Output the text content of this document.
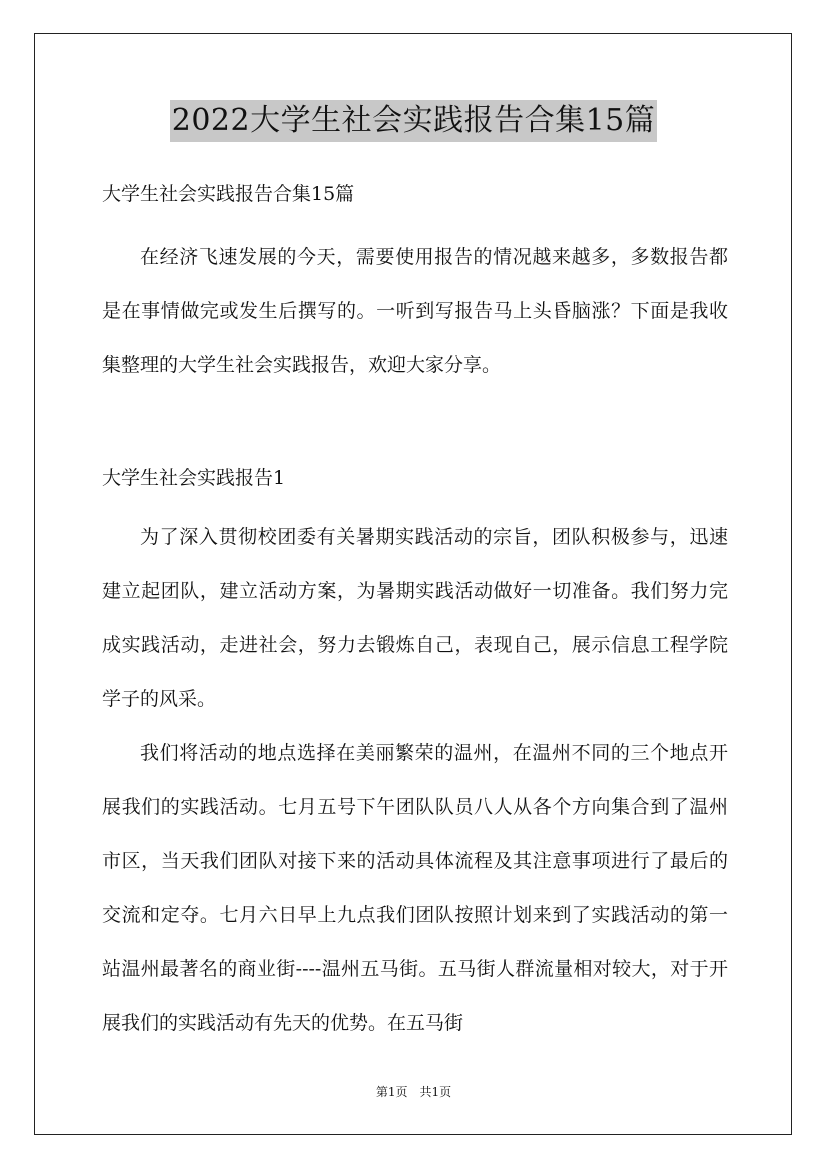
2022大学生社会实践报告合集15篇

大学生社会实践报告合集15篇

在经济飞速发展的今天，需要使用报告的情况越来越多，多数报告都是在事情做完或发生后撰写的。一听到写报告马上头昏脑涨？下面是我收集整理的大学生社会实践报告，欢迎大家分享。

大学生社会实践报告1

为了深入贯彻校团委有关暑期实践活动的宗旨，团队积极参与，迅速建立起团队，建立活动方案，为暑期实践活动做好一切准备。我们努力完成实践活动，走进社会，努力去锻炼自己，表现自己，展示信息工程学院学子的风采。

我们将活动的地点选择在美丽繁荣的温州，在温州不同的三个地点开展我们的实践活动。七月五号下午团队队员八人从各个方向集合到了温州市区，当天我们团队对接下来的活动具体流程及其注意事项进行了最后的交流和定夺。七月六日早上九点我们团队按照计划来到了实践活动的第一站温州最著名的商业街----温州五马街。五马街人群流量相对较大，对于开展我们的实践活动有先天的优势。在五马街

第1页　共1页
